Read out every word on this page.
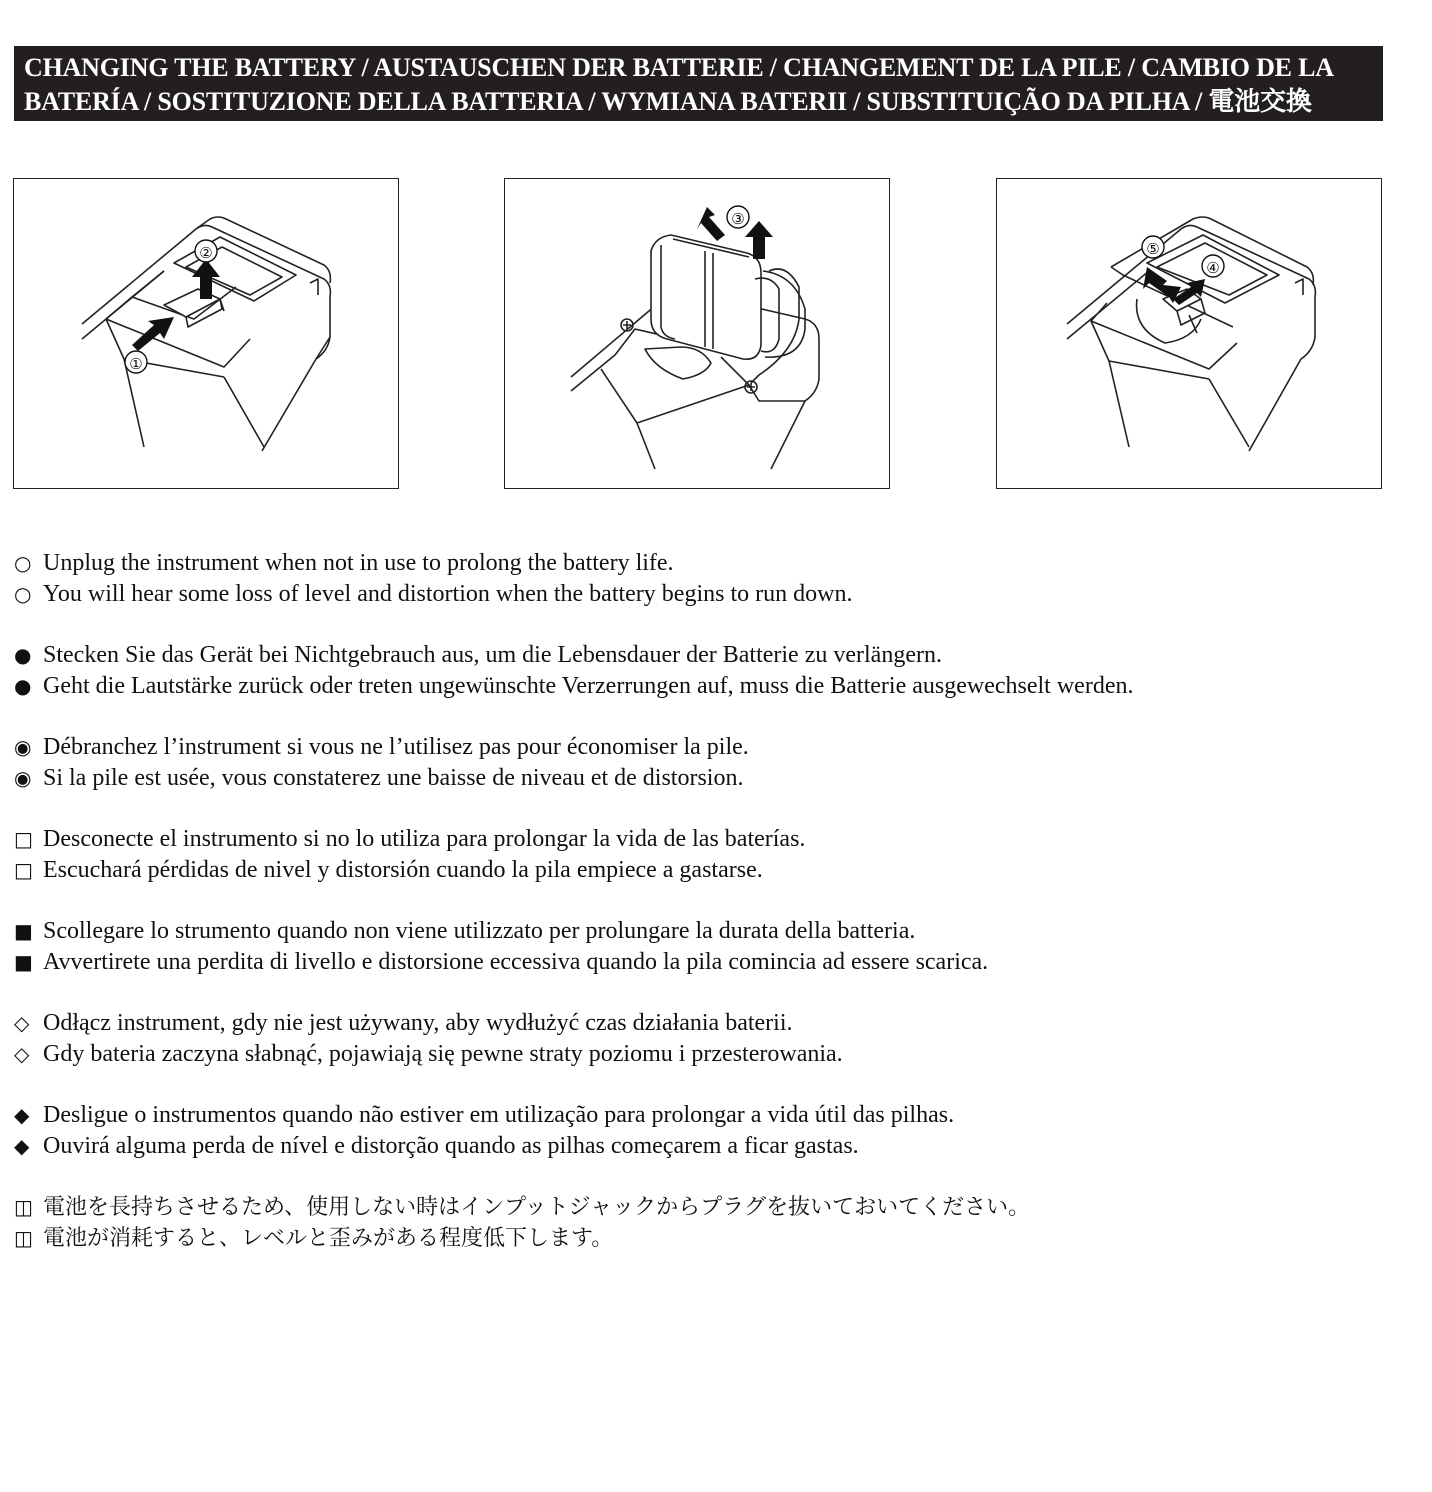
CHANGING THE BATTERY / AUSTAUSCHEN DER BATTERIE / CHANGEMENT DE LA PILE / CAMBIO DE LA
BATERÍA / SOSTITUZIONE DELLA BATTERIA / WYMIANA BATERII / SUBSTITUIÇÃO DA PILHA / 電池交換
①
②
③
⑤
④
○ Unplug the instrument when not in use to prolong the battery life.
○ You will hear some loss of level and distortion when the battery begins to run down.
● Stecken Sie das Gerät bei Nichtgebrauch aus, um die Lebensdauer der Batterie zu verlängern.
● Geht die Lautstärke zurück oder treten ungewünschte Verzerrungen auf, muss die Batterie ausgewechselt werden.
◉ Débranchez l’instrument si vous ne l’utilisez pas pour économiser la pile.
◉ Si la pile est usée, vous constaterez une baisse de niveau et de distorsion.
□ Desconecte el instrumento si no lo utiliza para prolongar la vida de las baterías.
□ Escuchará pérdidas de nivel y distorsión cuando la pila empiece a gastarse.
■ Scollegare lo strumento quando non viene utilizzato per prolungare la durata della batteria.
■ Avvertirete una perdita di livello e distorsione eccessiva quando la pila comincia ad essere scarica.
◇ Odłącz instrument, gdy nie jest używany, aby wydłużyć czas działania baterii.
◇ Gdy bateria zaczyna słabnąć, pojawiają się pewne straty poziomu i przesterowania.
◆ Desligue o instrumentos quando não estiver em utilização para prolongar a vida útil das pilhas.
◆ Ouvirá alguma perda de nível e distorção quando as pilhas começarem a ficar gastas.
◫ 電池を長持ちさせるため、使用しない時はインプットジャックからプラグを抜いておいてください。
◫ 電池が消耗すると、レベルと歪みがある程度低下します。
